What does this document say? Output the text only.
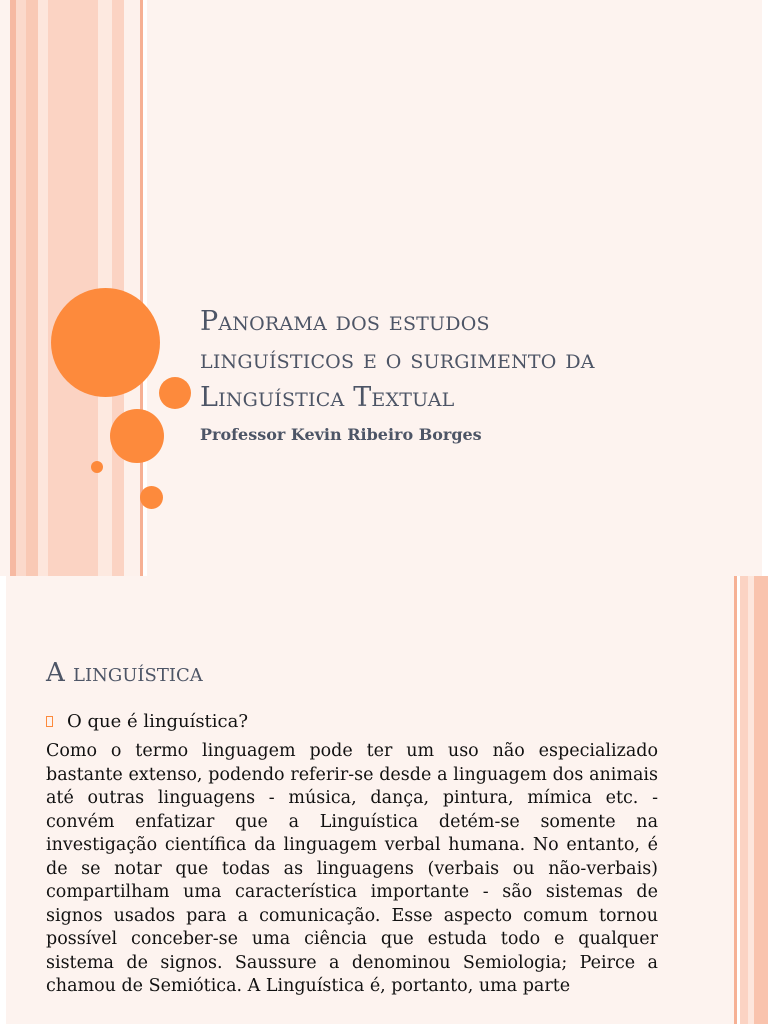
Panorama dos estudos
linguísticos e o surgimento da
Linguística Textual

Professor Kevin Ribeiro Borges

A linguística
O que é linguística?

Como o termo linguagem pode ter um uso não especializado bastante extenso, podendo referir-se desde a linguagem dos animais até outras linguagens - música, dança, pintura, mímica etc. - convém enfatizar que a Linguística detém-se somente na investigação científica da linguagem verbal humana. No entanto, é de se notar que todas as linguagens (verbais ou não-verbais) compartilham uma característica importante - são sistemas de signos usados para a comunicação. Esse aspecto comum tornou possível conceber-se uma ciência que estuda todo e qualquer sistema de signos. Saussure a denominou Semiologia; Peirce a chamou de Semiótica. A Linguística é, portanto, uma parte
